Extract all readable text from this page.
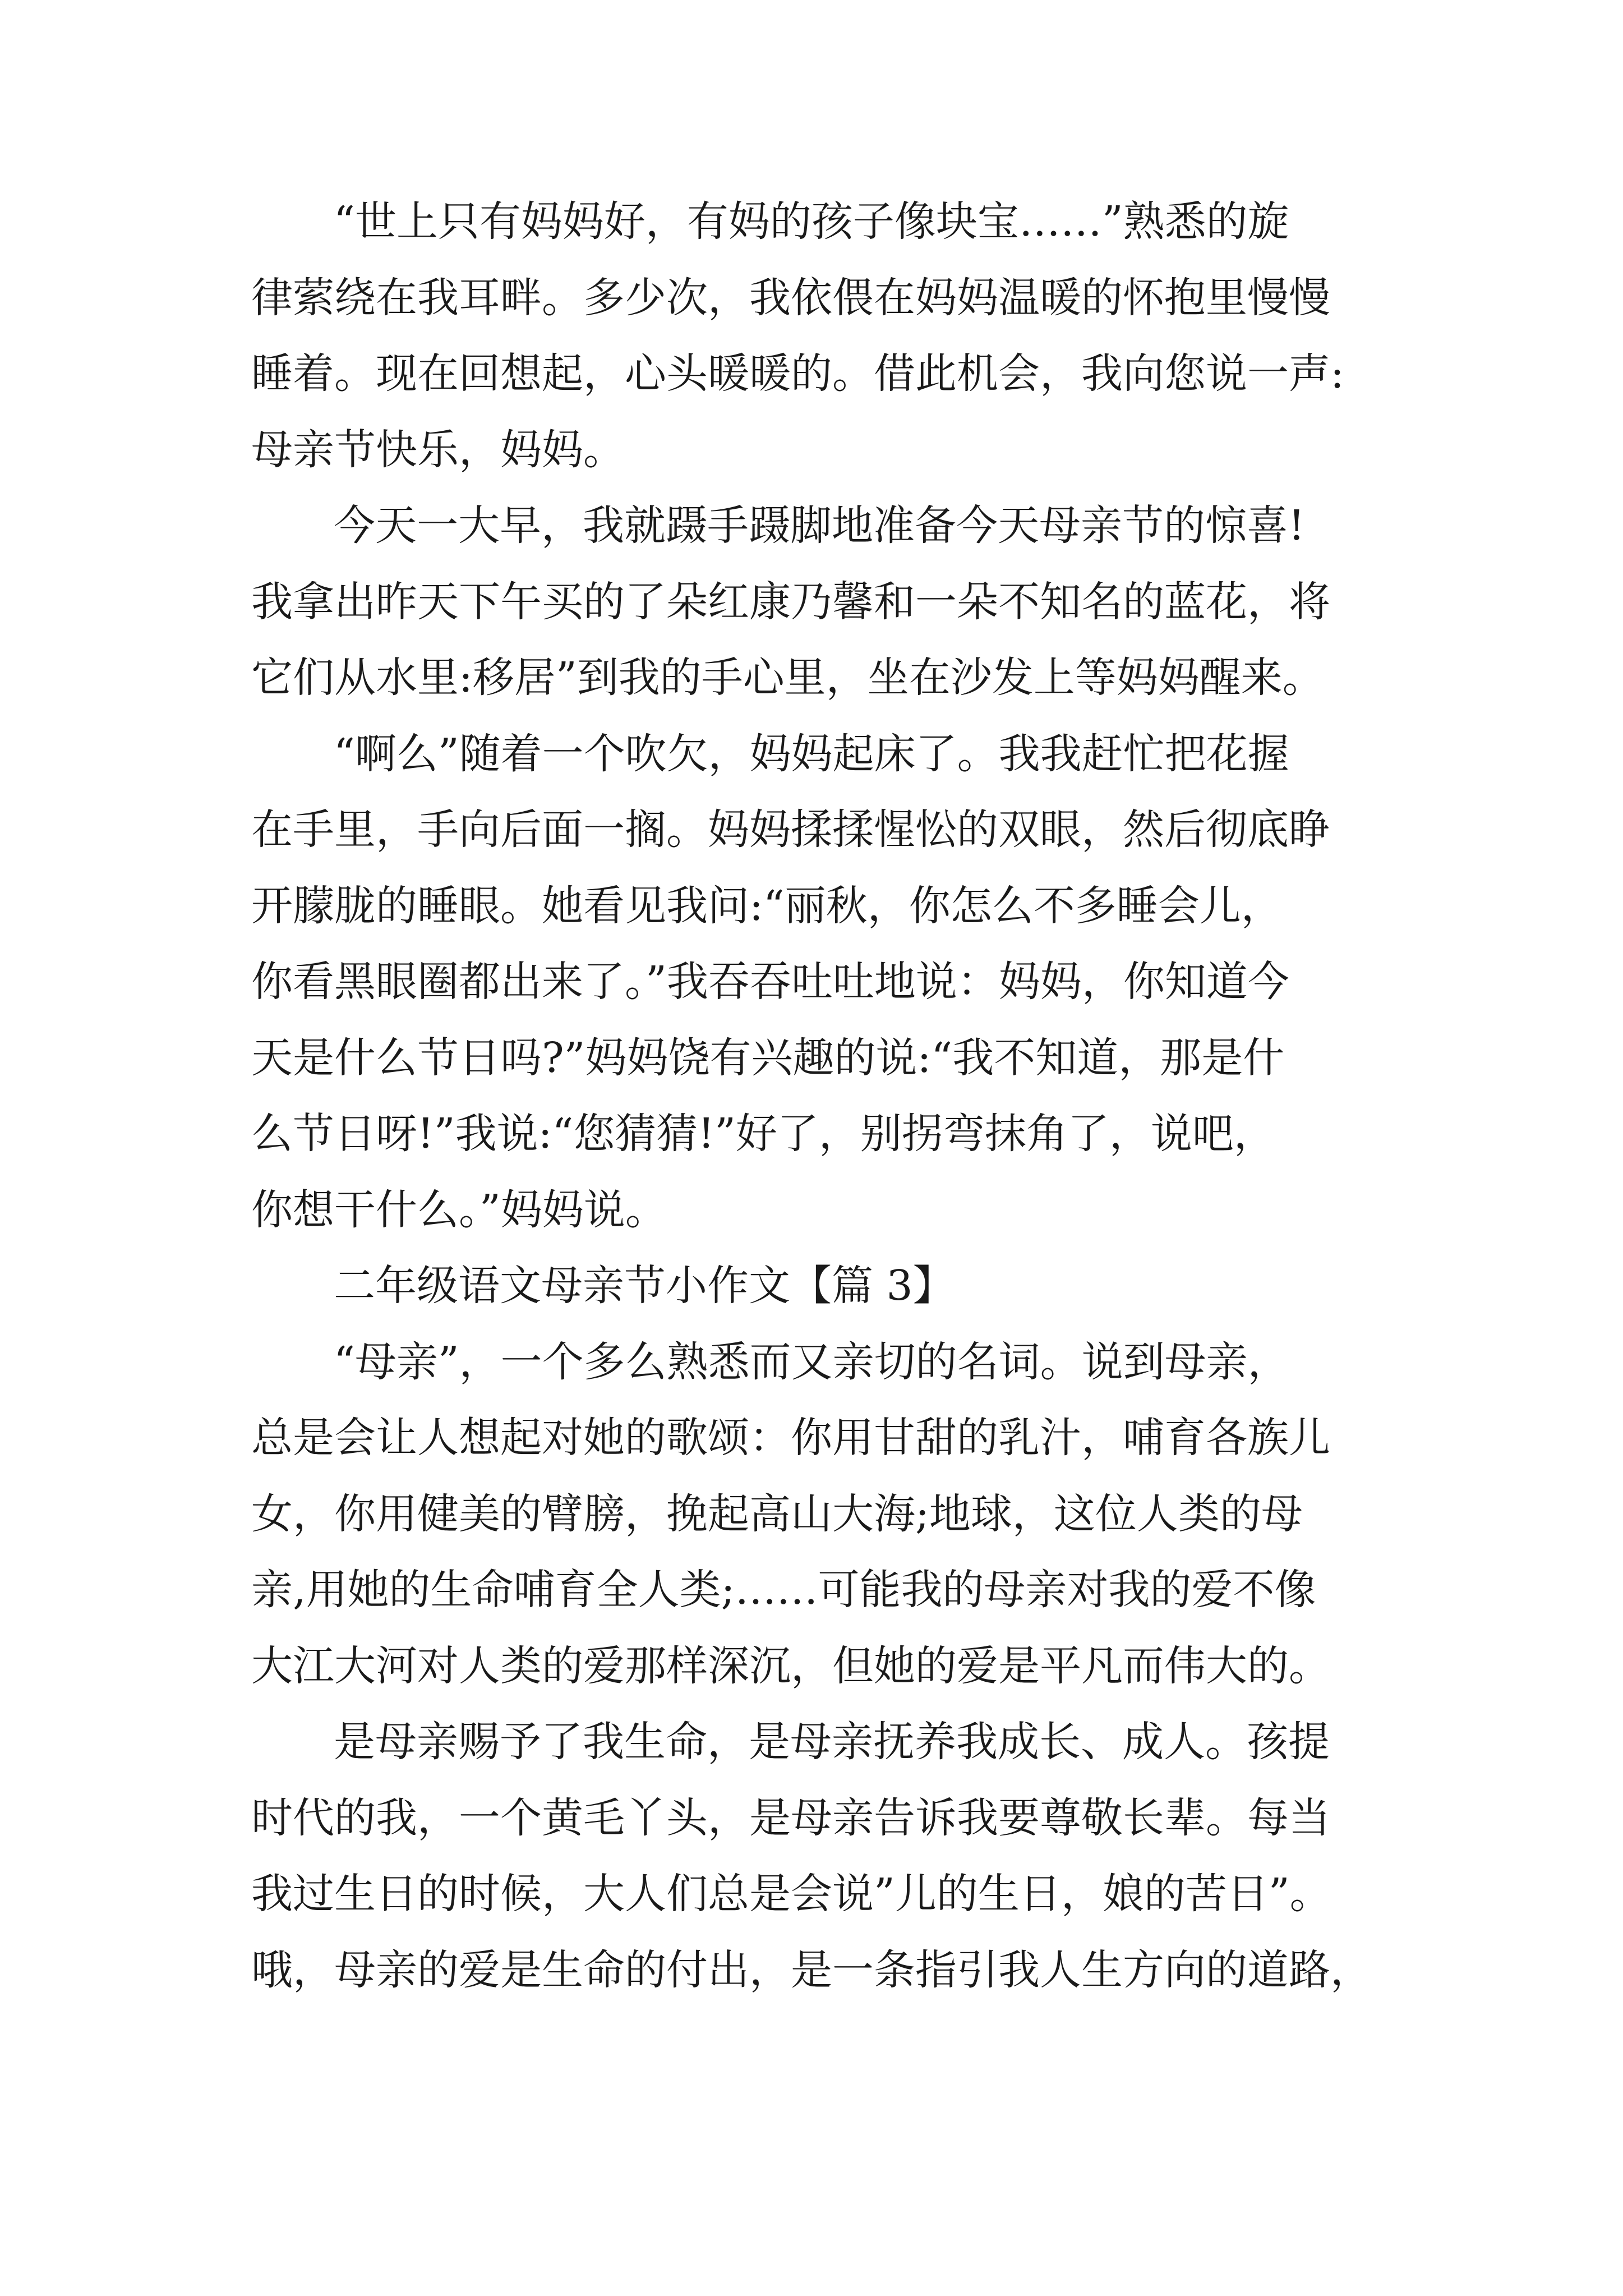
“世上只有妈妈好，有妈的孩子像块宝……”熟悉的旋
律萦绕在我耳畔。多少次，我依偎在妈妈温暖的怀抱里慢慢
睡着。现在回想起，心头暖暖的。借此机会，我向您说一声:
母亲节快乐，妈妈。
今天一大早，我就蹑手蹑脚地准备今天母亲节的惊喜!
我拿出昨天下午买的了朵红康乃馨和一朵不知名的蓝花，将
它们从水里:移居”到我的手心里，坐在沙发上等妈妈醒来。
“啊么”随着一个吹欠，妈妈起床了。我我赶忙把花握
在手里，手向后面一搁。妈妈揉揉惺忪的双眼，然后彻底睁
开朦胧的睡眼。她看见我问:“丽秋，你怎么不多睡会儿，
你看黑眼圈都出来了。”我吞吞吐吐地说：妈妈，你知道今
天是什么节日吗?”妈妈饶有兴趣的说:“我不知道，那是什
么节日呀!”我说:“您猜猜!”好了，别拐弯抹角了，说吧，
你想干什么。”妈妈说。
二年级语文母亲节小作文【篇 3】
“母亲”，一个多么熟悉而又亲切的名词。说到母亲，
总是会让人想起对她的歌颂：你用甘甜的乳汁，哺育各族儿
女，你用健美的臂膀，挽起高山大海;地球，这位人类的母
亲,用她的生命哺育全人类;……可能我的母亲对我的爱不像
大江大河对人类的爱那样深沉，但她的爱是平凡而伟大的。
是母亲赐予了我生命，是母亲抚养我成长、成人。孩提
时代的我，一个黄毛丫头，是母亲告诉我要尊敬长辈。每当
我过生日的时候，大人们总是会说”儿的生日，娘的苦日”。
哦，母亲的爱是生命的付出，是一条指引我人生方向的道路，
